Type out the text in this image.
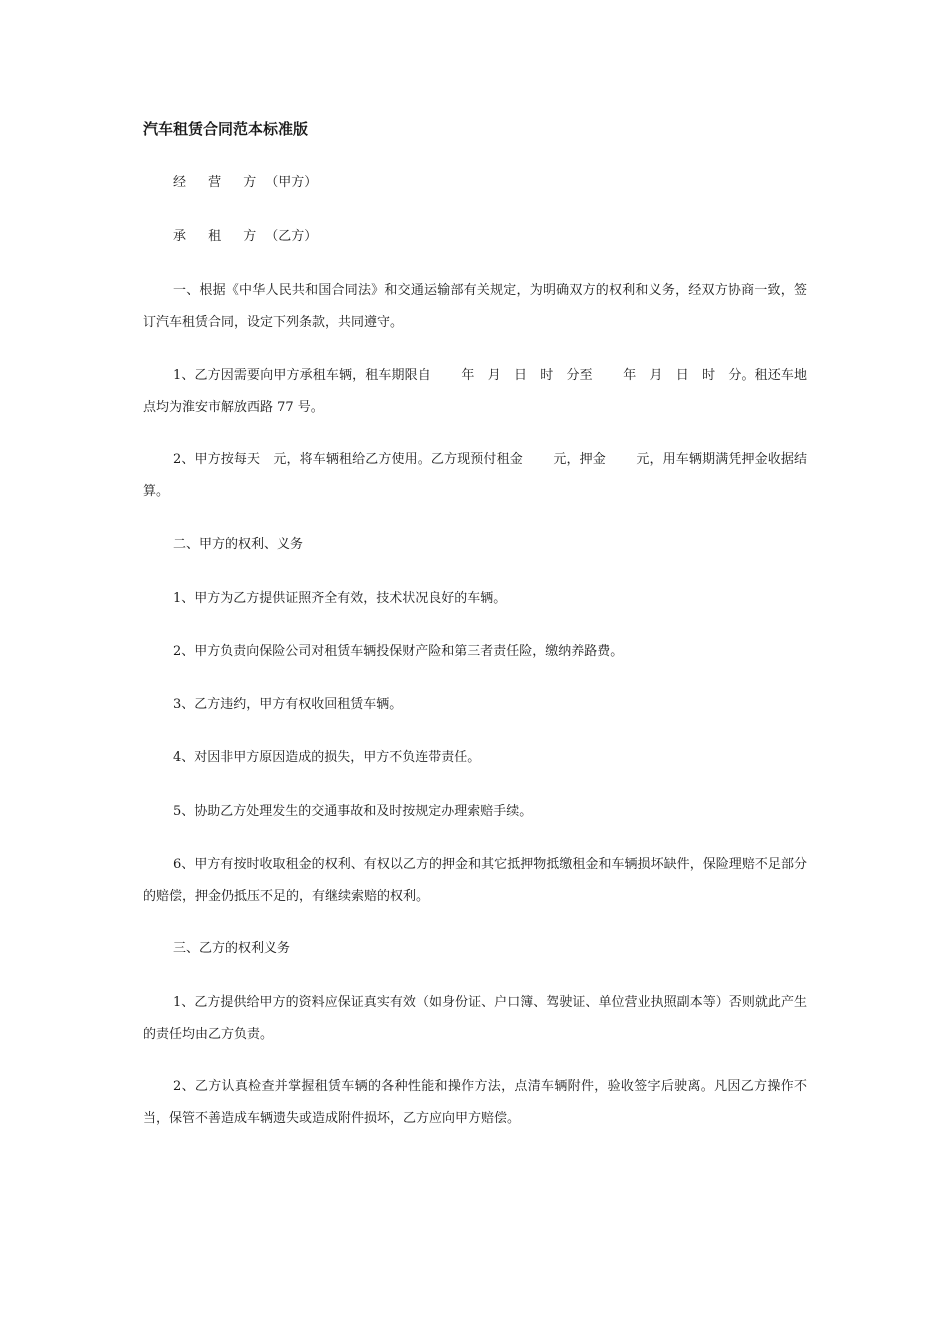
汽车租赁合同范本标准版

经 营 方（甲方）

承 租 方（乙方）

一、根据《中华人民共和国合同法》和交通运输部有关规定，为明确双方的权利和义务，经双方协商一致，签订汽车租赁合同，设定下列条款，共同遵守。

1、乙方因需要向甲方承租车辆，租车期限自　　 年　月　日　时　分至　　 年　月　日　时　分。租还车地点均为淮安市解放西路 77 号。

2、甲方按每天　元，将车辆租给乙方使用。乙方现预付租金　　 元，押金　　 元，用车辆期满凭押金收据结算。

二、甲方的权利、义务

1、甲方为乙方提供证照齐全有效，技术状况良好的车辆。

2、甲方负责向保险公司对租赁车辆投保财产险和第三者责任险，缴纳养路费。

3、乙方违约，甲方有权收回租赁车辆。

4、对因非甲方原因造成的损失，甲方不负连带责任。

5、协助乙方处理发生的交通事故和及时按规定办理索赔手续。

6、甲方有按时收取租金的权利、有权以乙方的押金和其它抵押物抵缴租金和车辆损坏缺件，保险理赔不足部分的赔偿，押金仍抵压不足的，有继续索赔的权利。

三、乙方的权利义务

1、乙方提供给甲方的资料应保证真实有效（如身份证、户口簿、驾驶证、单位营业执照副本等）否则就此产生的责任均由乙方负责。

2、乙方认真检查并掌握租赁车辆的各种性能和操作方法，点清车辆附件，验收签字后驶离。凡因乙方操作不当，保管不善造成车辆遗失或造成附件损坏，乙方应向甲方赔偿。
